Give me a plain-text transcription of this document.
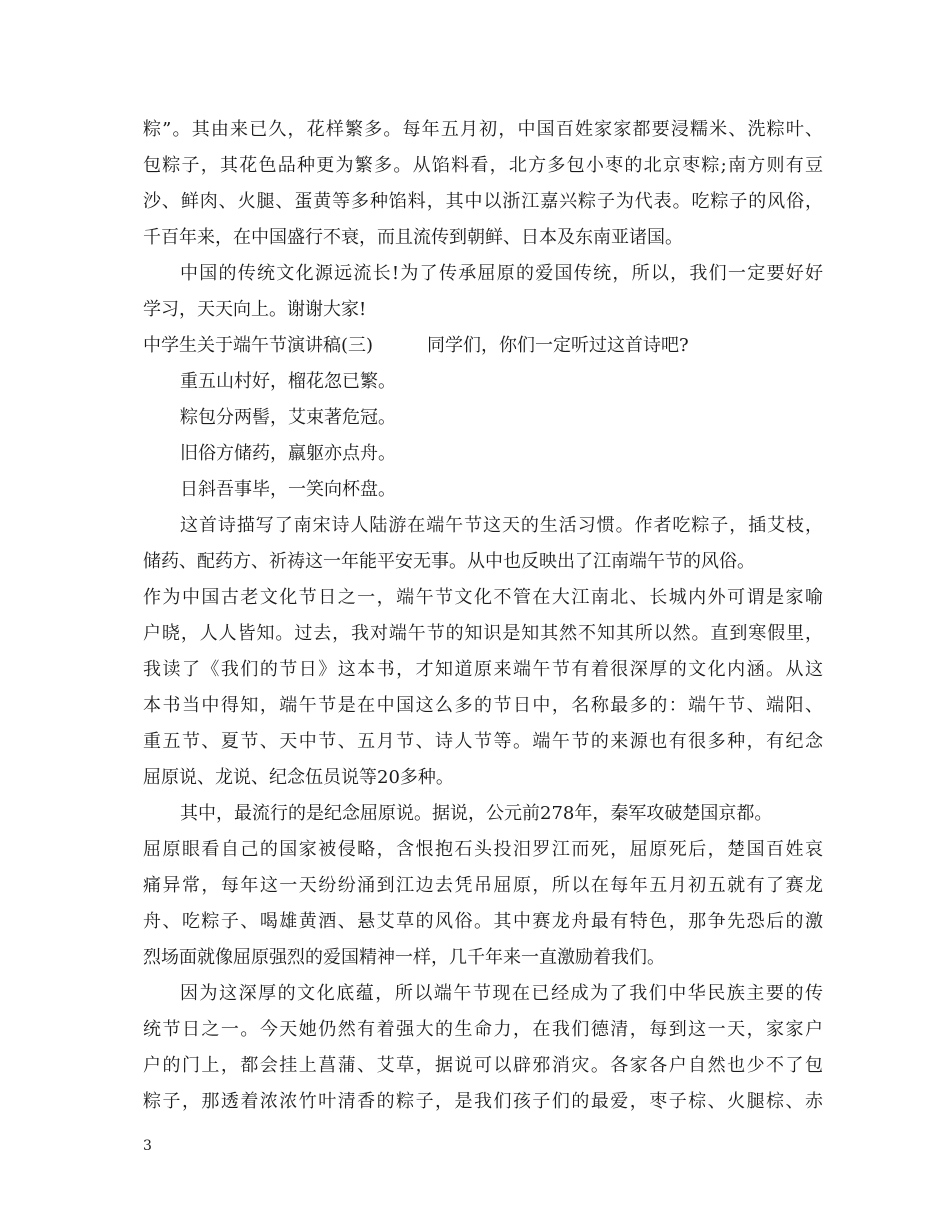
粽”。其由来已久，花样繁多。每年五月初，中国百姓家家都要浸糯米、洗粽叶、
包粽子，其花色品种更为繁多。从馅料看，北方多包小枣的北京枣粽;南方则有豆
沙、鲜肉、火腿、蛋黄等多种馅料，其中以浙江嘉兴粽子为代表。吃粽子的风俗，
千百年来，在中国盛行不衰，而且流传到朝鲜、日本及东南亚诸国。
中国的传统文化源远流长!为了传承屈原的爱国传统，所以，我们一定要好好
学习，天天向上。谢谢大家!
中学生关于端午节演讲稿(三)　　　同学们，你们一定听过这首诗吧?
重五山村好，榴花忽已繁。
粽包分两髻，艾束著危冠。
旧俗方储药，羸躯亦点舟。
日斜吾事毕，一笑向杯盘。
这首诗描写了南宋诗人陆游在端午节这天的生活习惯。作者吃粽子，插艾枝，
储药、配药方、祈祷这一年能平安无事。从中也反映出了江南端午节的风俗。
作为中国古老文化节日之一，端午节文化不管在大江南北、长城内外可谓是家喻
户晓，人人皆知。过去，我对端午节的知识是知其然不知其所以然。直到寒假里，
我读了《我们的节日》这本书，才知道原来端午节有着很深厚的文化内涵。从这
本书当中得知，端午节是在中国这么多的节日中，名称最多的：端午节、端阳、
重五节、夏节、天中节、五月节、诗人节等。端午节的来源也有很多种，有纪念
屈原说、龙说、纪念伍员说等20多种。
其中，最流行的是纪念屈原说。据说，公元前278年，秦军攻破楚国京都。
屈原眼看自己的国家被侵略，含恨抱石头投汨罗江而死，屈原死后，楚国百姓哀
痛异常，每年这一天纷纷涌到江边去凭吊屈原，所以在每年五月初五就有了赛龙
舟、吃粽子、喝雄黄酒、悬艾草的风俗。其中赛龙舟最有特色，那争先恐后的激
烈场面就像屈原强烈的爱国精神一样，几千年来一直激励着我们。
因为这深厚的文化底蕴，所以端午节现在已经成为了我们中华民族主要的传
统节日之一。今天她仍然有着强大的生命力，在我们德清，每到这一天，家家户
户的门上，都会挂上菖蒲、艾草，据说可以辟邪消灾。各家各户自然也少不了包
粽子，那透着浓浓竹叶清香的粽子，是我们孩子们的最爱，枣子棕、火腿棕、赤
3
